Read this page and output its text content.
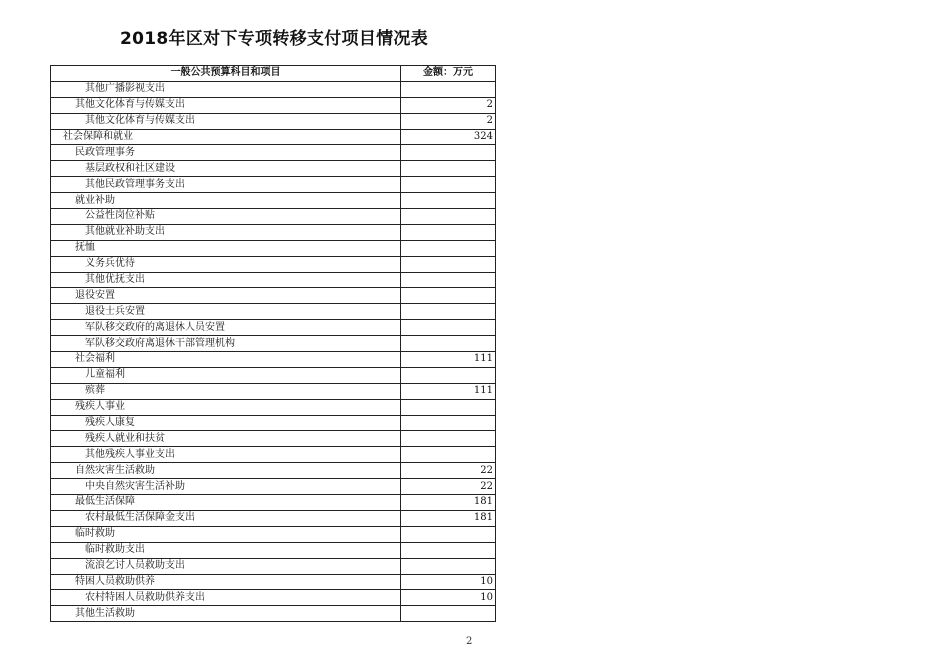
2018年区对下专项转移支付项目情况表
一般公共预算科目和项目	金额：万元
其他广播影视支出	
其他文化体育与传媒支出	2
其他文化体育与传媒支出	2
社会保障和就业	324
民政管理事务	
基层政权和社区建设	
其他民政管理事务支出	
就业补助	
公益性岗位补贴	
其他就业补助支出	
抚恤	
义务兵优待	
其他优抚支出	
退役安置	
退役士兵安置	
军队移交政府的离退休人员安置	
军队移交政府离退休干部管理机构	
社会福利	111
儿童福利	
殡葬	111
残疾人事业	
残疾人康复	
残疾人就业和扶贫	
其他残疾人事业支出	
自然灾害生活救助	22
中央自然灾害生活补助	22
最低生活保障	181
农村最低生活保障金支出	181
临时救助	
临时救助支出	
流浪乞讨人员救助支出	
特困人员救助供养	10
农村特困人员救助供养支出	10
其他生活救助	
2
